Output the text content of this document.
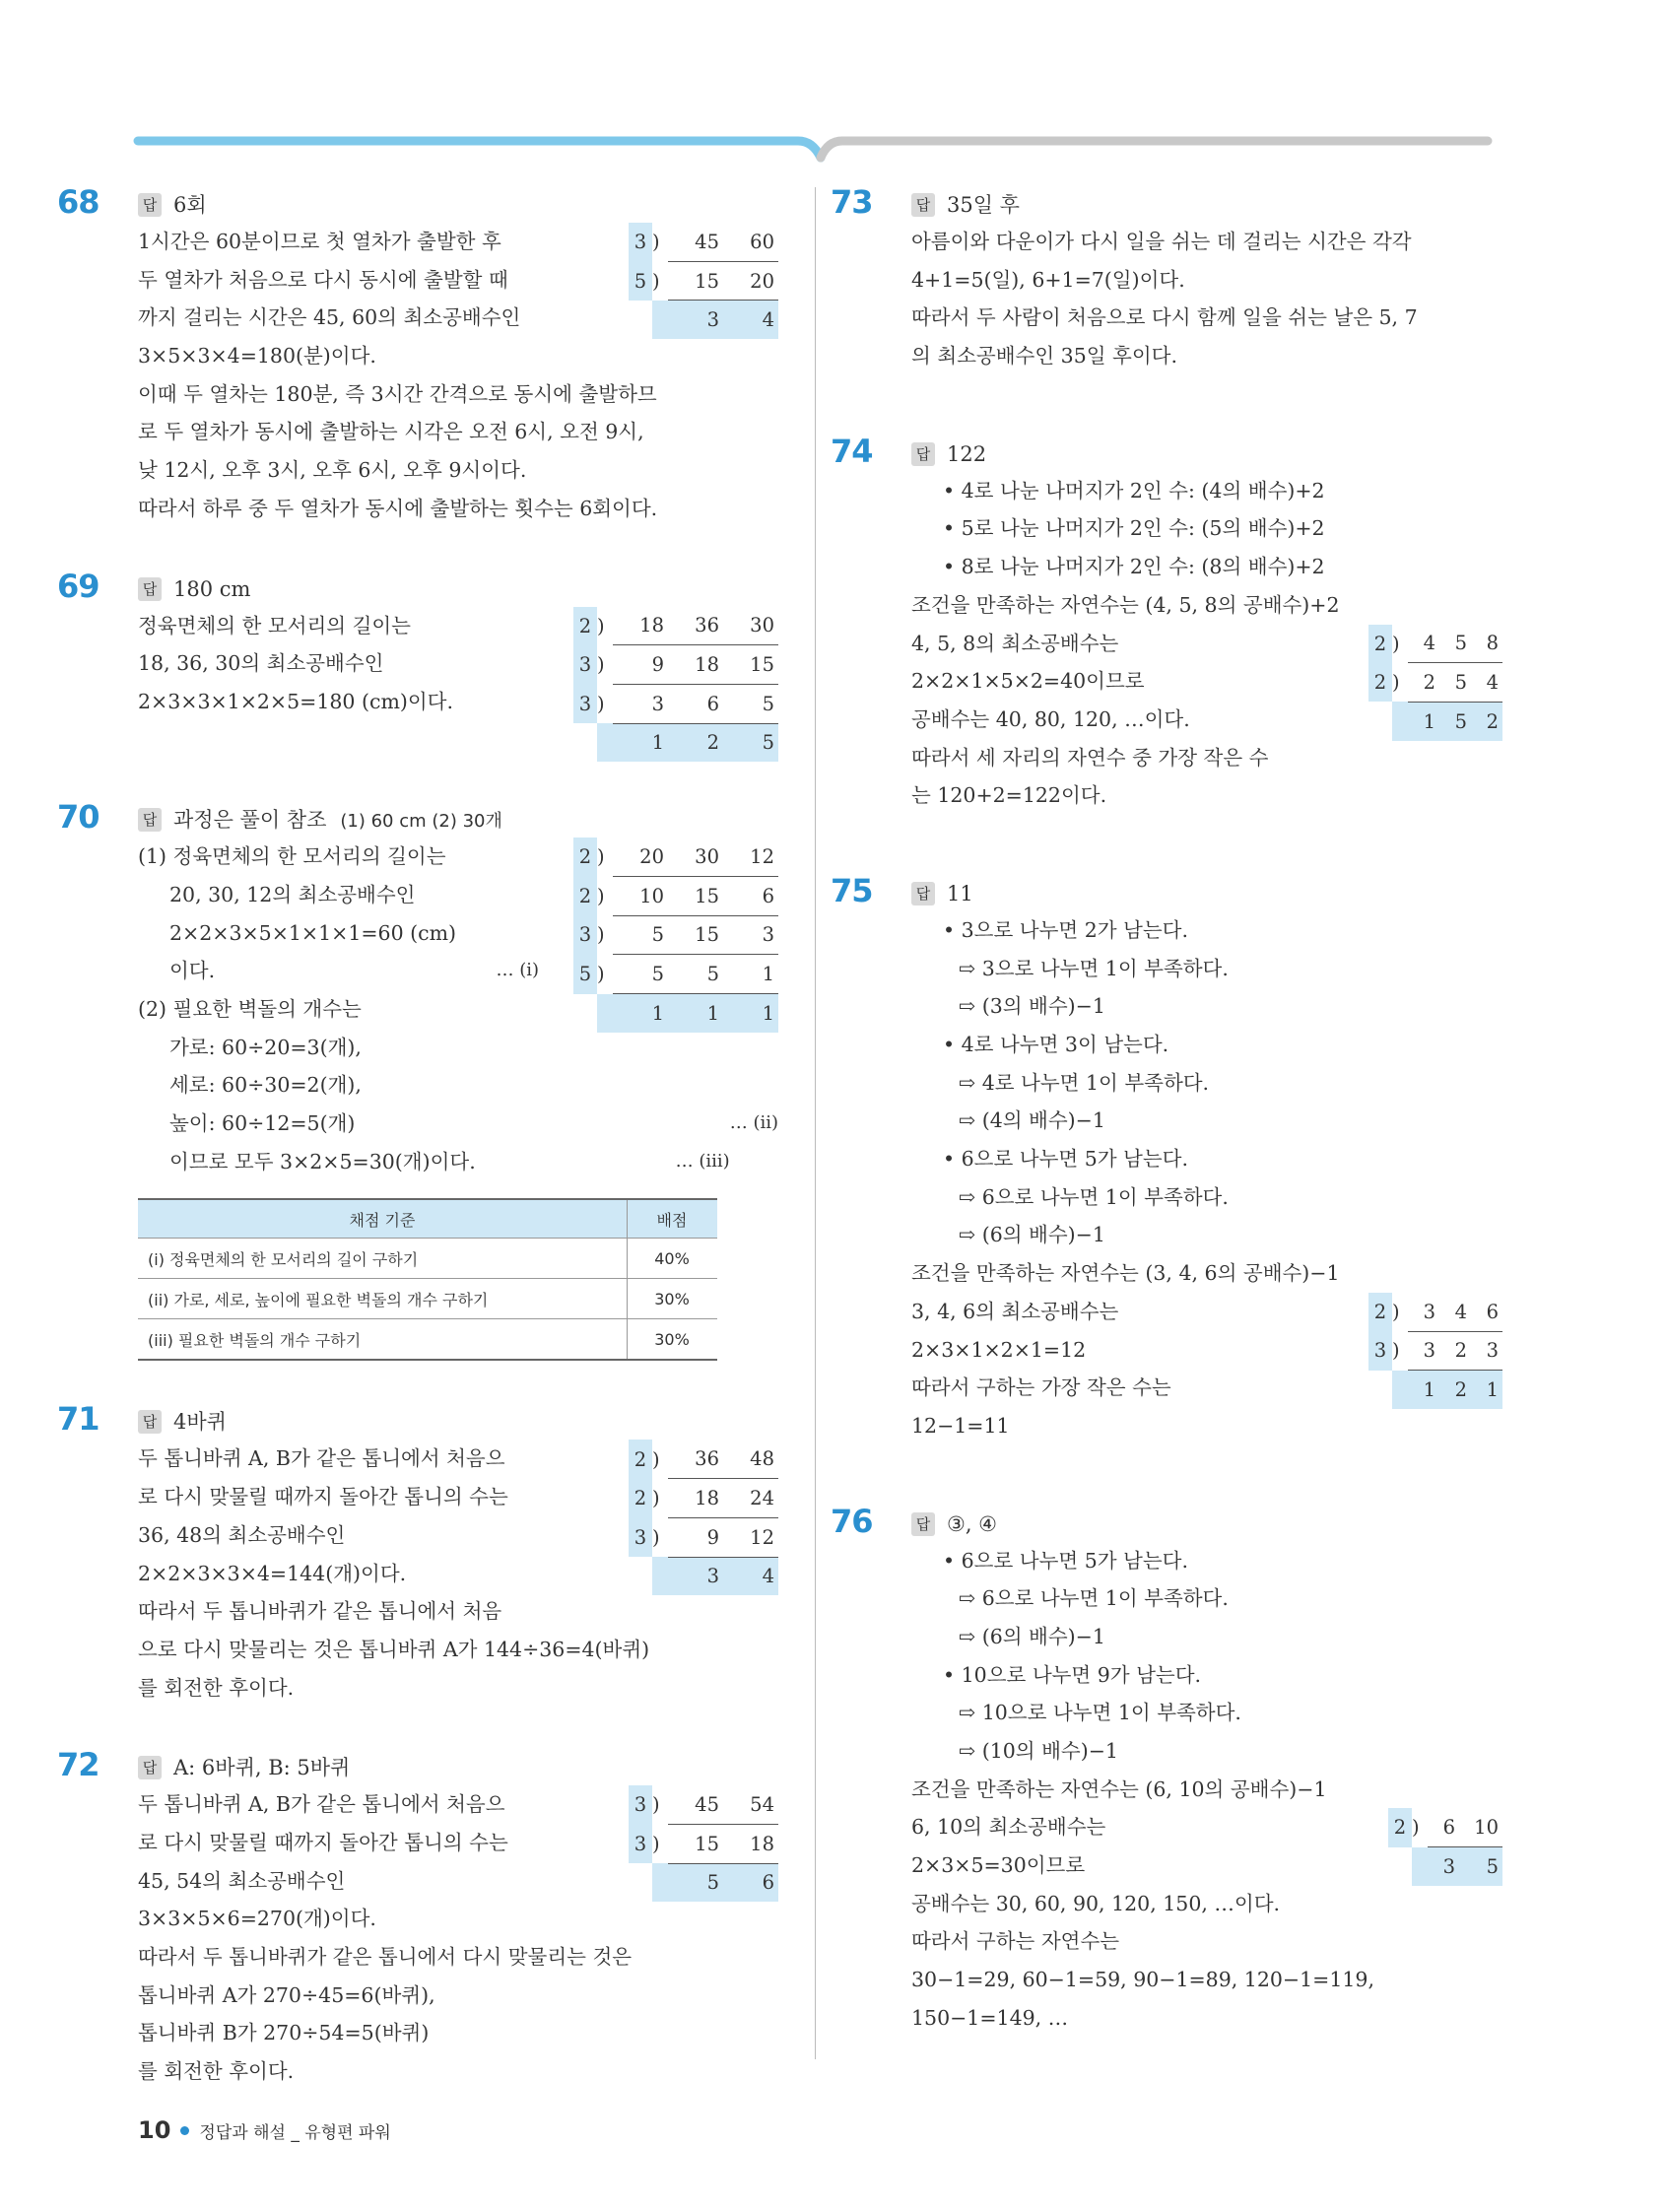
68	답 6회
3	)	45	60
5	)	15	20
		3	4
1시간은 60분이므로 첫 열차가 출발한 후
두 열차가 처음으로 다시 동시에 출발할 때
까지 걸리는 시간은 45, 60의 최소공배수인
3×5×3×4=180(분)이다.
이때 두 열차는 180분, 즉 3시간 간격으로 동시에 출발하므
로 두 열차가 동시에 출발하는 시각은 오전 6시, 오전 9시,
낮 12시, 오후 3시, 오후 6시, 오후 9시이다.
따라서 하루 중 두 열차가 동시에 출발하는 횟수는 6회이다.
69	답 180 cm
2	)	18	36	30
3	)	9	18	15
3	)	3	6	5
		1	2	5
정육면체의 한 모서리의 길이는
18, 36, 30의 최소공배수인
2×3×3×1×2×5=180 (cm)이다.
70	답 과정은 풀이 참조 (1) 60 cm (2) 30개
2	)	20	30	12
2	)	10	15	6
3	)	5	15	3
5	)	5	5	1
		1	1	1
(1) 정육면체의 한 모서리의 길이는
20, 30, 12의 최소공배수인
2×2×3×5×1×1×1=60 (cm)
이다.	… (i)
(2) 필요한 벽돌의 개수는
가로: 60÷20=3(개),
세로: 60÷30=2(개),
높이: 60÷12=5(개)	… (ii)
이므로 모두 3×2×5=30(개)이다.	… (iii)
채점 기준	배점
(i) 정육면체의 한 모서리의 길이 구하기	40%
(ii) 가로, 세로, 높이에 필요한 벽돌의 개수 구하기	30%
(iii) 필요한 벽돌의 개수 구하기	30%
71	답 4바퀴
2	)	36	48
2	)	18	24
3	)	9	12
		3	4
두 톱니바퀴 A, B가 같은 톱니에서 처음으
로 다시 맞물릴 때까지 돌아간 톱니의 수는
36, 48의 최소공배수인
2×2×3×3×4=144(개)이다.
따라서 두 톱니바퀴가 같은 톱니에서 처음
으로 다시 맞물리는 것은 톱니바퀴 A가 144÷36=4(바퀴)
를 회전한 후이다.
72	답 A: 6바퀴, B: 5바퀴
3	)	45	54
3	)	15	18
		5	6
두 톱니바퀴 A, B가 같은 톱니에서 처음으
로 다시 맞물릴 때까지 돌아간 톱니의 수는
45, 54의 최소공배수인
3×3×5×6=270(개)이다.
따라서 두 톱니바퀴가 같은 톱니에서 다시 맞물리는 것은
톱니바퀴 A가 270÷45=6(바퀴),
톱니바퀴 B가 270÷54=5(바퀴)
를 회전한 후이다.
73	답 35일 후
아름이와 다운이가 다시 일을 쉬는 데 걸리는 시간은 각각
4+1=5(일), 6+1=7(일)이다.
따라서 두 사람이 처음으로 다시 함께 일을 쉬는 날은 5, 7
의 최소공배수인 35일 후이다.
74	답 122
• 4로 나눈 나머지가 2인 수: (4의 배수)+2
• 5로 나눈 나머지가 2인 수: (5의 배수)+2
• 8로 나눈 나머지가 2인 수: (8의 배수)+2
조건을 만족하는 자연수는 (4, 5, 8의 공배수)+2
2	)	4	5	8
2	)	2	5	4
		1	5	2
4, 5, 8의 최소공배수는
2×2×1×5×2=40이므로
공배수는 40, 80, 120, …이다.
따라서 세 자리의 자연수 중 가장 작은 수
는 120+2=122이다.
75	답 11
• 3으로 나누면 2가 남는다.
⇨ 3으로 나누면 1이 부족하다.
⇨ (3의 배수)−1
• 4로 나누면 3이 남는다.
⇨ 4로 나누면 1이 부족하다.
⇨ (4의 배수)−1
• 6으로 나누면 5가 남는다.
⇨ 6으로 나누면 1이 부족하다.
⇨ (6의 배수)−1
조건을 만족하는 자연수는 (3, 4, 6의 공배수)−1
2	)	3	4	6
3	)	3	2	3
		1	2	1
3, 4, 6의 최소공배수는
2×3×1×2×1=12
따라서 구하는 가장 작은 수는
12−1=11
76	답 ③, ④
• 6으로 나누면 5가 남는다.
⇨ 6으로 나누면 1이 부족하다.
⇨ (6의 배수)−1
• 10으로 나누면 9가 남는다.
⇨ 10으로 나누면 1이 부족하다.
⇨ (10의 배수)−1
조건을 만족하는 자연수는 (6, 10의 공배수)−1
2	)	6	10
		3	5
6, 10의 최소공배수는
2×3×5=30이므로
공배수는 30, 60, 90, 120, 150, …이다.
따라서 구하는 자연수는
30−1=29, 60−1=59, 90−1=89, 120−1=119,
150−1=149, …
10 정답과 해설 _ 유형편 파워
